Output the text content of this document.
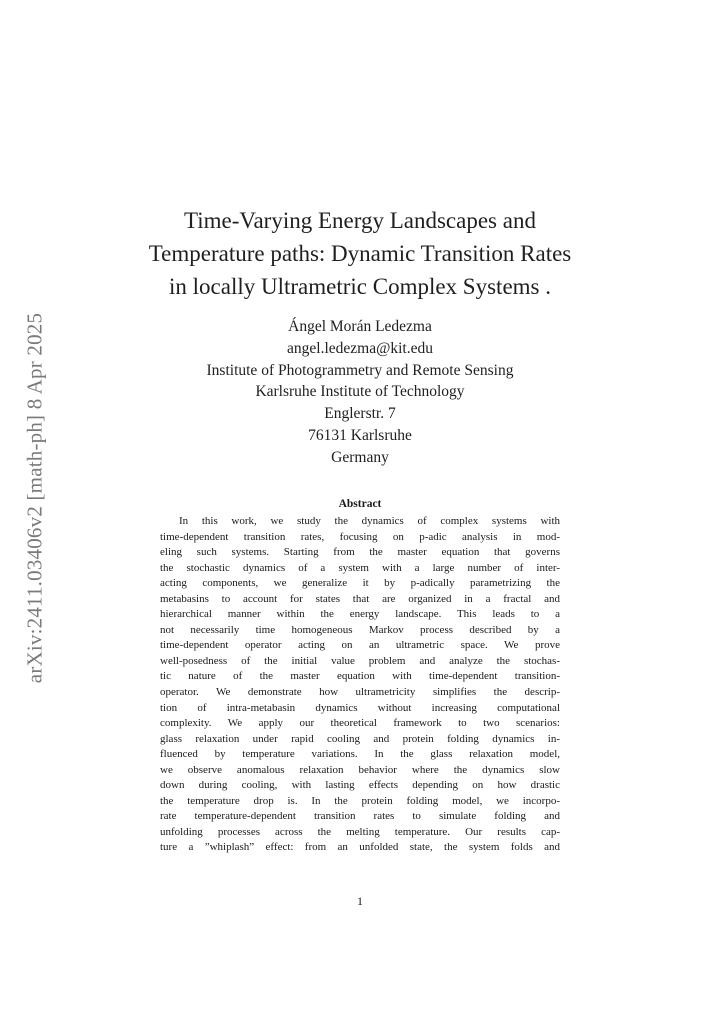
arXiv:2411.03406v2 [math-ph] 8 Apr 2025
Time-Varying Energy Landscapes and
Temperature paths: Dynamic Transition Rates
in locally Ultrametric Complex Systems .
Ángel Morán Ledezma
angel.ledezma@kit.edu
Institute of Photogrammetry and Remote Sensing
Karlsruhe Institute of Technology
Englerstr. 7
76131 Karlsruhe
Germany
Abstract
In this work, we study the dynamics of complex systems with
time-dependent transition rates, focusing on p-adic analysis in mod-
eling such systems. Starting from the master equation that governs
the stochastic dynamics of a system with a large number of inter-
acting components, we generalize it by p-adically parametrizing the
metabasins to account for states that are organized in a fractal and
hierarchical manner within the energy landscape. This leads to a
not necessarily time homogeneous Markov process described by a
time-dependent operator acting on an ultrametric space. We prove
well-posedness of the initial value problem and analyze the stochas-
tic nature of the master equation with time-dependent transition-
operator. We demonstrate how ultrametricity simplifies the descrip-
tion of intra-metabasin dynamics without increasing computational
complexity. We apply our theoretical framework to two scenarios:
glass relaxation under rapid cooling and protein folding dynamics in-
fluenced by temperature variations. In the glass relaxation model,
we observe anomalous relaxation behavior where the dynamics slow
down during cooling, with lasting effects depending on how drastic
the temperature drop is. In the protein folding model, we incorpo-
rate temperature-dependent transition rates to simulate folding and
unfolding processes across the melting temperature. Our results cap-
ture a ”whiplash” effect: from an unfolded state, the system folds and
1
